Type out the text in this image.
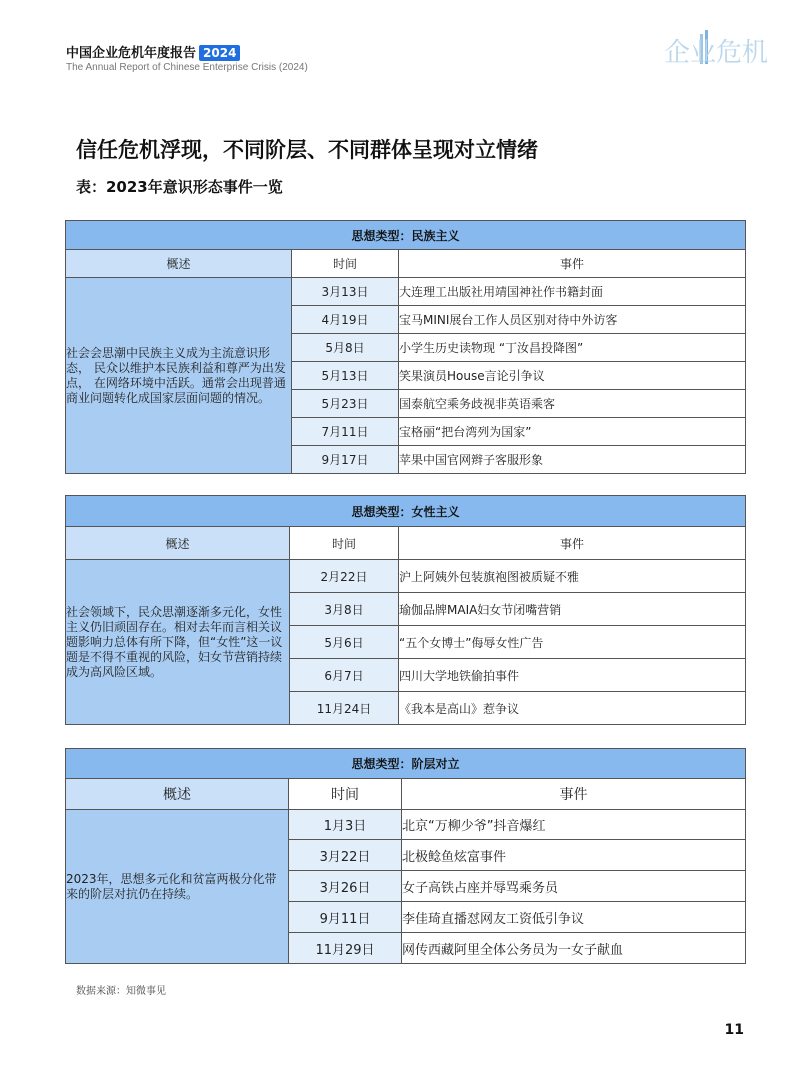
中国企业危机年度报告 2024
The Annual Report of Chinese Enterprise Crisis (2024)	企业危机
信任危机浮现，不同阶层、不同群体呈现对立情绪
表：2023年意识形态事件一览
思想类型：民族主义		
概述	时间	事件
社会会思潮中民族主义成为主流意识形态， 民众以维护本民族利益和尊严为出发点， 在网络环境中活跃。通常会出现普通商业问题转化成国家层面问题的情况。	3月13日	大连理工出版社用靖国神社作书籍封面
	4月19日	宝马MINI展台工作人员区别对待中外访客
	5月8日	小学生历史读物现 “丁汝昌投降图”
	5月13日	笑果演员House言论引争议
	5月23日	国泰航空乘务歧视非英语乘客
	7月11日	宝格丽“把台湾列为国家”
	9月17日	苹果中国官网辫子客服形象
思想类型：女性主义		
概述	时间	事件
社会领域下，民众思潮逐渐多元化，女性主义仍旧顽固存在。相对去年而言相关议题影响力总体有所下降，但“女性”这一议题是不得不重视的风险，妇女节营销持续成为高风险区域。	2月22日	沪上阿姨外包装旗袍图被质疑不雅
	3月8日	瑜伽品牌MAIA妇女节闭嘴营销
	5月6日	“五个女博士”侮辱女性广告
	6月7日	四川大学地铁偷拍事件
	11月24日	《我本是高山》惹争议
思想类型：阶层对立		
概述	时间	事件
2023年，思想多元化和贫富两极分化带来的阶层对抗仍在持续。	1月3日	北京“万柳少爷”抖音爆红
	3月22日	北极鲶鱼炫富事件
	3月26日	女子高铁占座并辱骂乘务员
	9月11日	李佳琦直播怼网友工资低引争议
	11月29日	网传西藏阿里全体公务员为一女子献血
数据来源：知微事见
11
